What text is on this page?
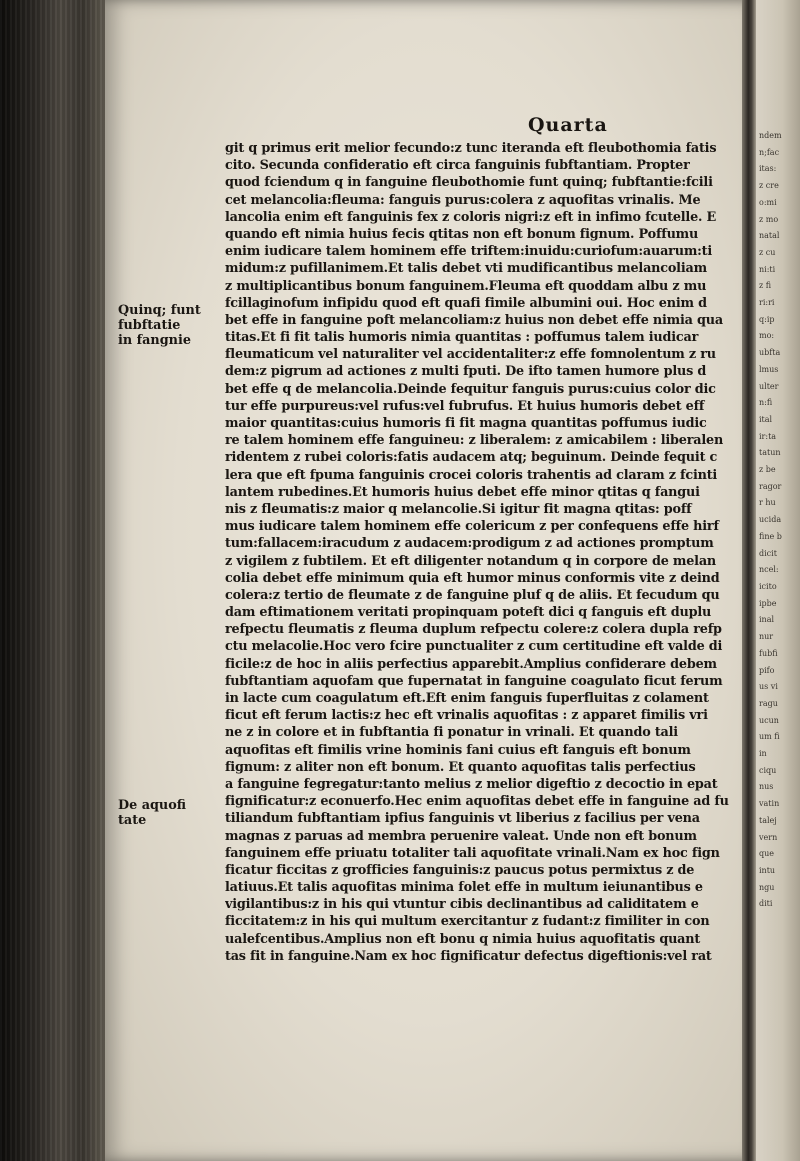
Quarta
git q primus erit melior fecundo:z tunc iteranda eft fleubothomia fatis
cito. Secunda confideratio eft circa fanguinis fubftantiam. Propter
quod fciendum q in fanguine fleubothomie funt quinq; fubftantie:fcili
cet melancolia:fleuma: fanguis purus:colera z aquofitas vrinalis. Me
lancolia enim eft fanguinis fex z coloris nigri:z eft in infimo fcutelle. E
quando eft nimia huius fecis qtitas non eft bonum fignum. Poffumu
enim iudicare talem hominem effe triftem:inuidu:curiofum:auarum:ti
midum:z pufillanimem.Et talis debet vti mudificantibus melancoliam
z multiplicantibus bonum fanguinem.Fleuma eft quoddam albu z mu
fcillaginofum infipidu quod eft quafi fimile albumini oui. Hoc enim d
bet effe in fanguine poft melancoliam:z huius non debet effe nimia qua
titas.Et fi fit talis humoris nimia quantitas : poffumus talem iudicar
fleumaticum vel naturaliter vel accidentaliter:z effe fomnolentum z ru
dem:z pigrum ad actiones z multi fputi. De ifto tamen humore plus d
bet effe q de melancolia.Deinde fequitur fanguis purus:cuius color dic
tur effe purpureus:vel rufus:vel fubrufus. Et huius humoris debet eff
maior quantitas:cuius humoris fi fit magna quantitas poffumus iudic
re talem hominem effe fanguineu: z liberalem: z amicabilem : liberalen
ridentem z rubei coloris:fatis audacem atq; beguinum. Deinde fequit c
lera que eft fpuma fanguinis crocei coloris trahentis ad claram z fcinti
lantem rubedines.Et humoris huius debet effe minor qtitas q fangui
nis z fleumatis:z maior q melancolie.Si igitur fit magna qtitas: poff
mus iudicare talem hominem effe colericum z per confequens effe hirf
tum:fallacem:iracudum z audacem:prodigum z ad actiones promptum
z vigilem z fubtilem. Et eft diligenter notandum q in corpore de melan
colia debet effe minimum quia eft humor minus conformis vite z deind
colera:z tertio de fleumate z de fanguine pluf q de aliis. Et fecudum qu
dam eftimationem veritati propinquam poteft dici q fanguis eft duplu
refpectu fleumatis z fleuma duplum refpectu colere:z colera dupla refp
ctu melacolie.Hoc vero fcire punctualiter z cum certitudine eft valde di
ficile:z de hoc in aliis perfectius apparebit.Amplius confiderare debem
fubftantiam aquofam que fupernatat in fanguine coagulato ficut ferum
in lacte cum coagulatum eft.Eft enim fanguis fuperfluitas z colament
ficut eft ferum lactis:z hec eft vrinalis aquofitas : z apparet fimilis vri
ne z in colore et in fubftantia fi ponatur in vrinali. Et quando tali
aquofitas eft fimilis vrine hominis fani cuius eft fanguis eft bonum
fignum: z aliter non eft bonum. Et quanto aquofitas talis perfectius
a fanguine fegregatur:tanto melius z melior digeftio z decoctio in epat
fignificatur:z econuerfo.Hec enim aquofitas debet effe in fanguine ad fu
tiliandum fubftantiam ipfius fanguinis vt liberius z facilius per vena
magnas z paruas ad membra peruenire valeat. Unde non eft bonum
fanguinem effe priuatu totaliter tali aquofitate vrinali.Nam ex hoc fign
ficatur ficcitas z grofficies fanguinis:z paucus potus permixtus z de
latiuus.Et talis aquofitas minima folet effe in multum ieiunantibus e
vigilantibus:z in his qui vtuntur cibis declinantibus ad caliditatem e
ficcitatem:z in his qui multum exercitantur z fudant:z fimiliter in con
ualefcentibus.Amplius non eft bonu q nimia huius aquofitatis quant
tas fit in fanguine.Nam ex hoc fignificatur defectus digeftionis:vel rat
Quinq; funt
fubftatie
in fangnie
De aquofi
tate
ndem
n;fac
itas:
z cre
o:mi
z mo
natal
z cu
ni:ti
z fi
ri:ri
q:ip
mo:
ubfta
lmus
ulter
n:fi
ital
ir:ta
tatun
z be
ragor
r hu
ucida
fine b
dicit
ncel:
icito
ipbe
inal
nur
fubfi
pifo
us vi
ragu
ucun
um fi
in
ciqu
nus
vatin
talej
vern
que
intu
ngu
diti
